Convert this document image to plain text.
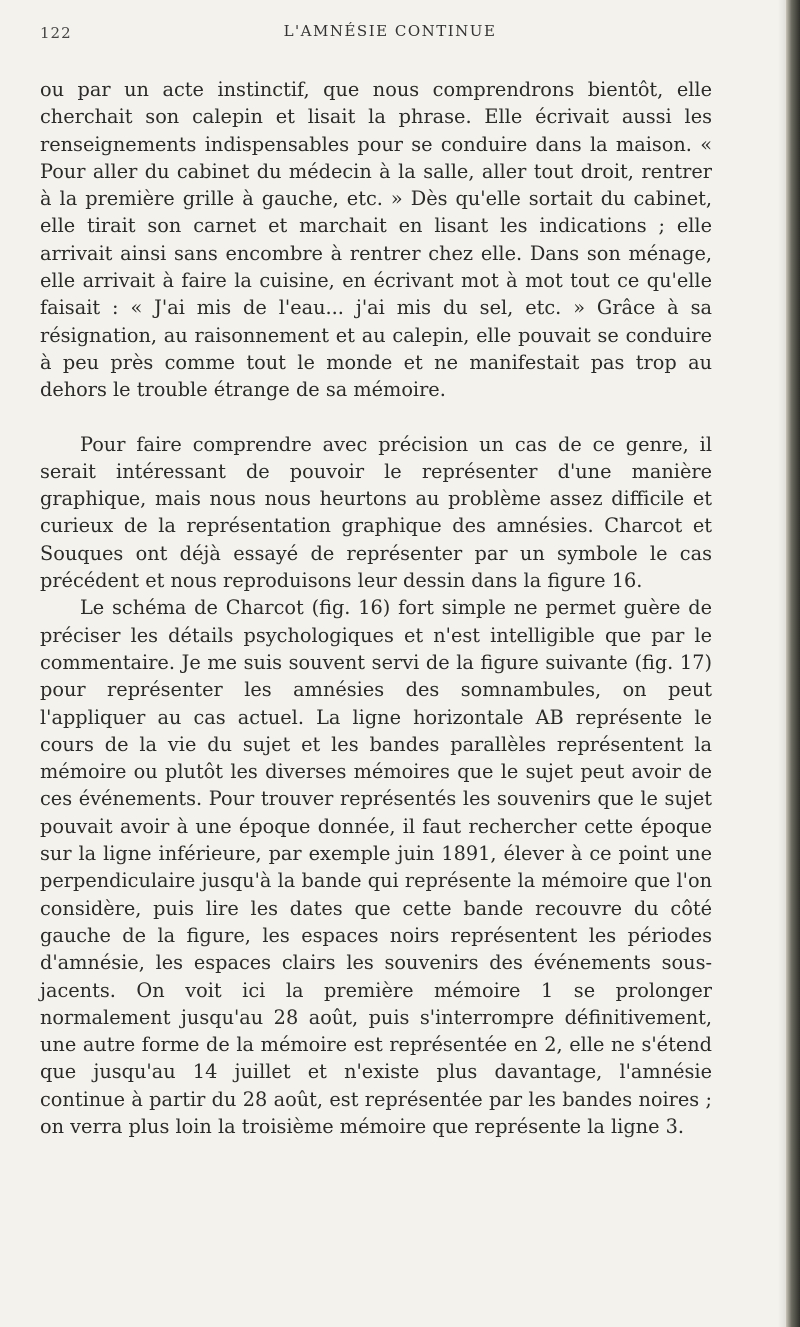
122	L'AMNÉSIE CONTINUE

ou par un acte instinctif, que nous comprendrons bientôt, elle cherchait son calepin et lisait la phrase. Elle écrivait aussi les renseignements indispensables pour se conduire dans la maison. « Pour aller du cabinet du médecin à la salle, aller tout droit, rentrer à la première grille à gauche, etc. » Dès qu'elle sortait du cabinet, elle tirait son carnet et marchait en lisant les indications ; elle arrivait ainsi sans encombre à rentrer chez elle. Dans son ménage, elle arrivait à faire la cuisine, en écrivant mot à mot tout ce qu'elle faisait : « J'ai mis de l'eau... j'ai mis du sel, etc. » Grâce à sa résignation, au raisonnement et au calepin, elle pouvait se conduire à peu près comme tout le monde et ne manifestait pas trop au dehors le trouble étrange de sa mémoire.

Pour faire comprendre avec précision un cas de ce genre, il serait intéressant de pouvoir le représenter d'une manière graphique, mais nous nous heurtons au problème assez difficile et curieux de la représentation graphique des amnésies. Charcot et Souques ont déjà essayé de représenter par un symbole le cas précédent et nous reproduisons leur dessin dans la figure 16.

Le schéma de Charcot (fig. 16) fort simple ne permet guère de préciser les détails psychologiques et n'est intelligible que par le commentaire. Je me suis souvent servi de la figure suivante (fig. 17) pour représenter les amnésies des somnambules, on peut l'appliquer au cas actuel. La ligne horizontale AB représente le cours de la vie du sujet et les bandes parallèles représentent la mémoire ou plutôt les diverses mémoires que le sujet peut avoir de ces événements. Pour trouver représentés les souvenirs que le sujet pouvait avoir à une époque donnée, il faut rechercher cette époque sur la ligne inférieure, par exemple juin 1891, élever à ce point une perpendiculaire jusqu'à la bande qui représente la mémoire que l'on considère, puis lire les dates que cette bande recouvre du côté gauche de la figure, les espaces noirs représentent les périodes d'amnésie, les espaces clairs les souvenirs des événements sous-jacents. On voit ici la première mémoire 1 se prolonger normalement jusqu'au 28 août, puis s'interrompre définitivement, une autre forme de la mémoire est représentée en 2, elle ne s'étend que jusqu'au 14 juillet et n'existe plus davantage, l'amnésie continue à partir du 28 août, est représentée par les bandes noires ; on verra plus loin la troisième mémoire que représente la ligne 3.
